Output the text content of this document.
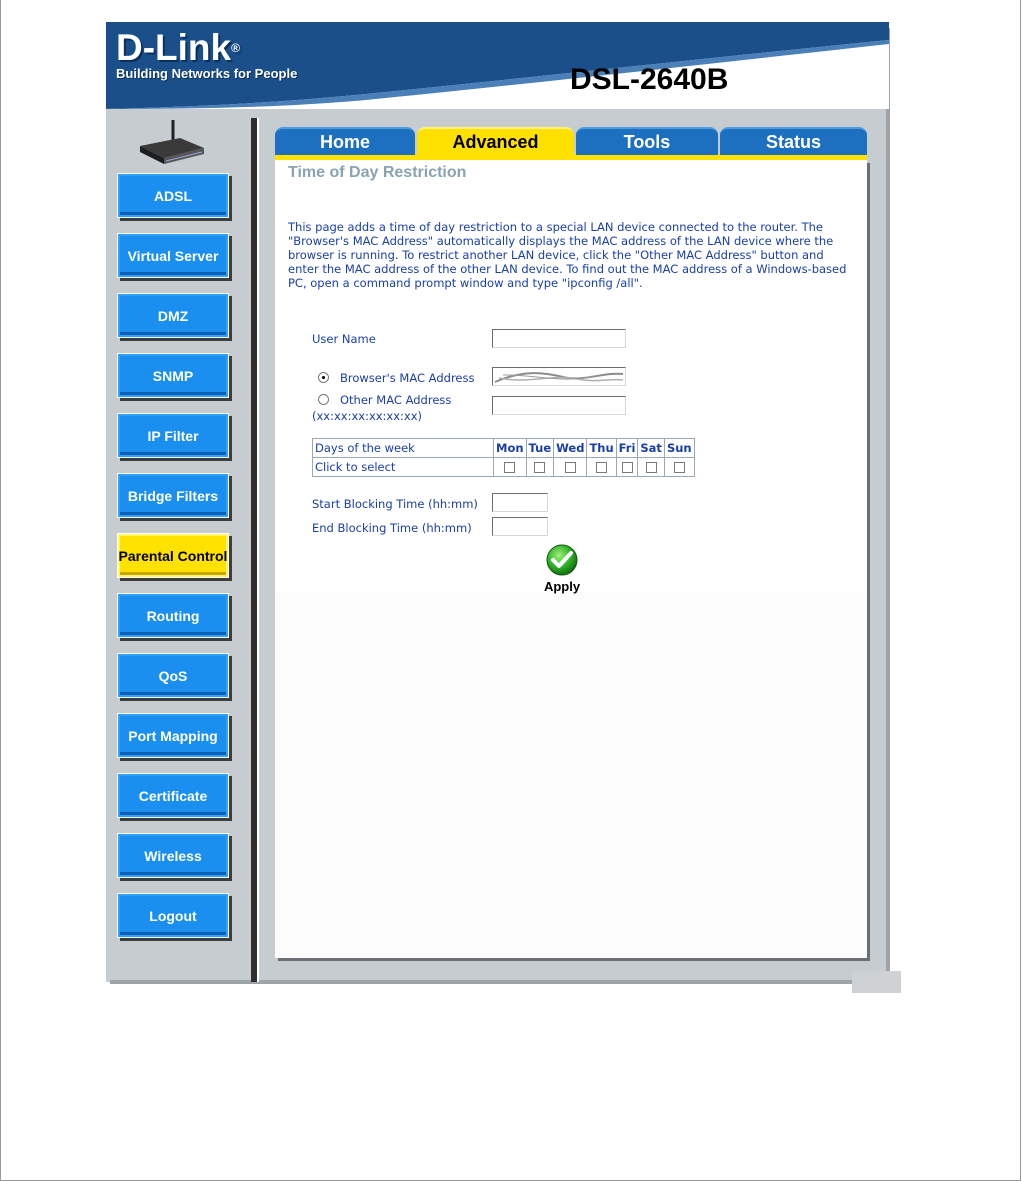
D-Link®
Building Networks for People	DSL-2640B
ADSL
Virtual Server
DMZ
SNMP
IP Filter
Bridge Filters
Parental Control
Routing
QoS
Port Mapping
Certificate
Wireless
Logout
Home	Advanced	Tools	Status
Time of Day Restriction
This page adds a time of day restriction to a special LAN device connected to the router. The "Browser's MAC Address" automatically displays the MAC address of the LAN device where the browser is running. To restrict another LAN device, click the "Other MAC Address" button and enter the MAC address of the other LAN device. To find out the MAC address of a Windows-based PC, open a command prompt window and type "ipconfig /all".
User Name
Browser's MAC Address
Other MAC Address
(xx:xx:xx:xx:xx:xx)
Days of the week	Mon	Tue	Wed	Thu	Fri	Sat	Sun
Click to select							
Start Blocking Time (hh:mm)
End Blocking Time (hh:mm)
Apply
